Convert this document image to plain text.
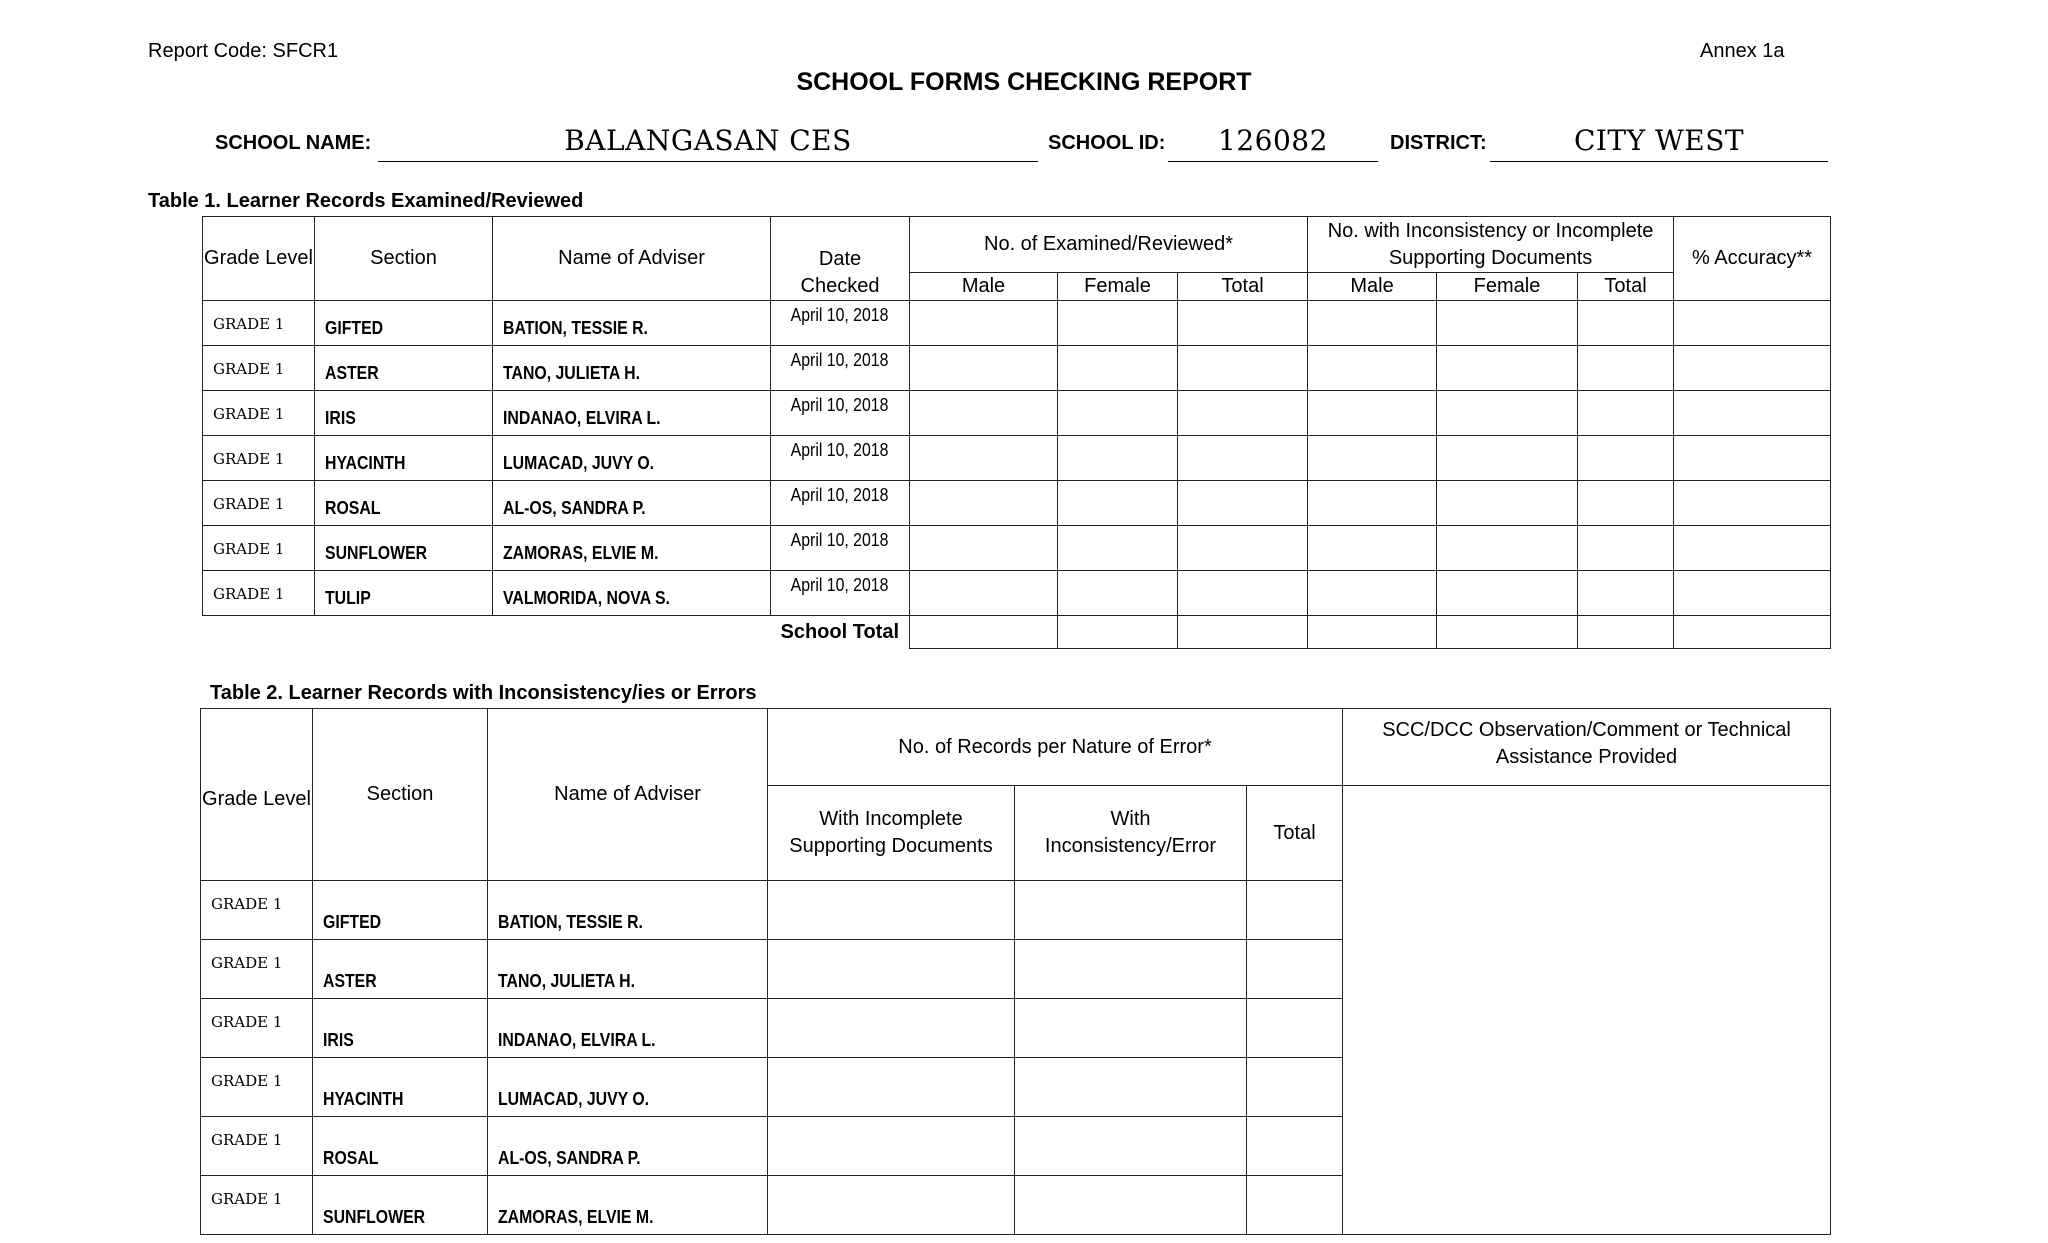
Report Code: SFCR1	Annex 1a
SCHOOL FORMS CHECKING REPORT
SCHOOL NAME:	BALANGASAN CES	SCHOOL ID:	126082	DISTRICT:	CITY WEST
Table 1. Learner Records Examined/Reviewed
Grade Level	Section	Name of Adviser	Date Checked	No. of Examined/Reviewed*			No. with Inconsistency or Incomplete Supporting Documents			% Accuracy**
				Male	Female	Total	Male	Female	Total	
GRADE 1	GIFTED	BATION, TESSIE R.	April 10, 2018							
GRADE 1	ASTER	TANO, JULIETA H.	April 10, 2018							
GRADE 1	IRIS	INDANAO, ELVIRA L.	April 10, 2018							
GRADE 1	HYACINTH	LUMACAD, JUVY O.	April 10, 2018							
GRADE 1	ROSAL	AL-OS, SANDRA P.	April 10, 2018							
GRADE 1	SUNFLOWER	ZAMORAS, ELVIE M.	April 10, 2018							
GRADE 1	TULIP	VALMORIDA, NOVA S.	April 10, 2018							
			School Total							
Table 2. Learner Records with Inconsistency/ies or Errors
Grade Level	Section	Name of Adviser	No. of Records per Nature of Error*			SCC/DCC Observation/Comment or Technical Assistance Provided
			With Incomplete Supporting Documents	With Inconsistency/Error	Total	
GRADE 1	GIFTED	BATION, TESSIE R.				
GRADE 1	ASTER	TANO, JULIETA H.				
GRADE 1	IRIS	INDANAO, ELVIRA L.				
GRADE 1	HYACINTH	LUMACAD, JUVY O.				
GRADE 1	ROSAL	AL-OS, SANDRA P.				
GRADE 1	SUNFLOWER	ZAMORAS, ELVIE M.				
